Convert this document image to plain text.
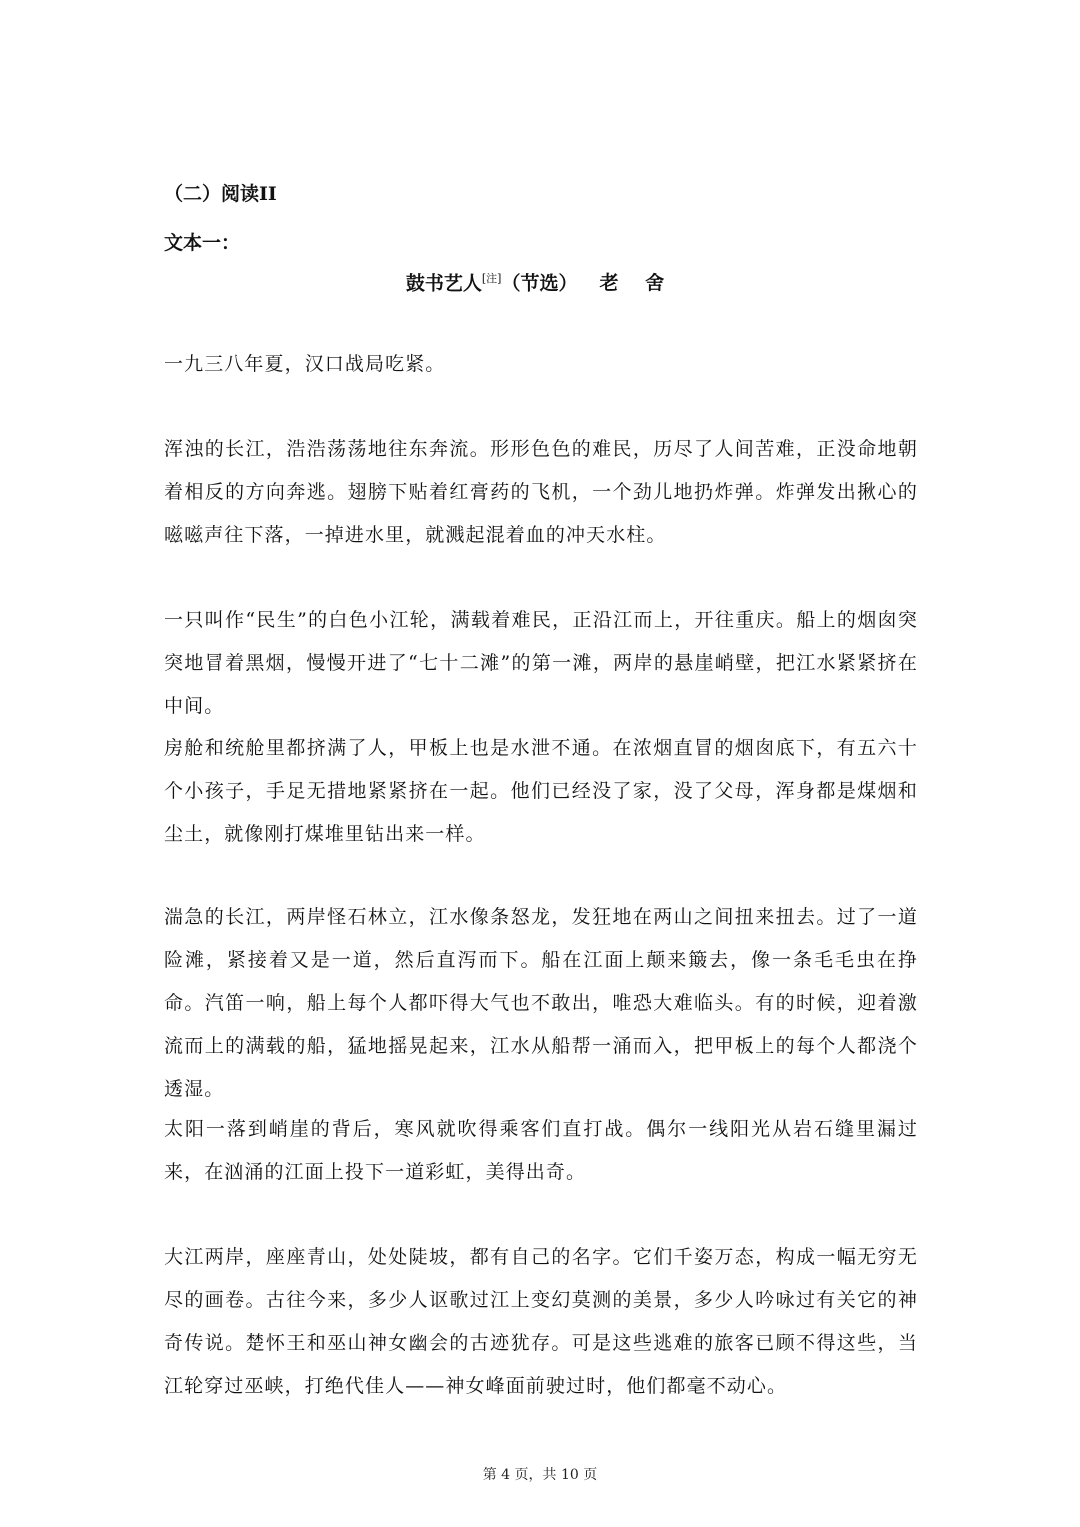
（二）阅读II
文本一：
鼓书艺人[注]（节选） 老 舍

一九三八年夏，汉口战局吃紧。

浑浊的长江，浩浩荡荡地往东奔流。形形色色的难民，历尽了人间苦难，正没命地朝着相反的方向奔逃。翅膀下贴着红膏药的飞机，一个劲儿地扔炸弹。炸弹发出揪心的嗞嗞声往下落，一掉进水里，就溅起混着血的冲天水柱。

一只叫作“民生”的白色小江轮，满载着难民，正沿江而上，开往重庆。船上的烟囱突突地冒着黑烟，慢慢开进了“七十二滩”的第一滩，两岸的悬崖峭壁，把江水紧紧挤在中间。

房舱和统舱里都挤满了人，甲板上也是水泄不通。在浓烟直冒的烟囱底下，有五六十个小孩子，手足无措地紧紧挤在一起。他们已经没了家，没了父母，浑身都是煤烟和尘土，就像刚打煤堆里钻出来一样。

湍急的长江，两岸怪石林立，江水像条怒龙，发狂地在两山之间扭来扭去。过了一道险滩，紧接着又是一道，然后直泻而下。船在江面上颠来簸去，像一条毛毛虫在挣命。汽笛一响，船上每个人都吓得大气也不敢出，唯恐大难临头。有的时候，迎着激流而上的满载的船，猛地摇晃起来，江水从船帮一涌而入，把甲板上的每个人都浇个透湿。

太阳一落到峭崖的背后，寒风就吹得乘客们直打战。偶尔一线阳光从岩石缝里漏过来，在汹涌的江面上投下一道彩虹，美得出奇。

大江两岸，座座青山，处处陡坡，都有自己的名字。它们千姿万态，构成一幅无穷无尽的画卷。古往今来，多少人讴歌过江上变幻莫测的美景，多少人吟咏过有关它的神奇传说。楚怀王和巫山神女幽会的古迹犹存。可是这些逃难的旅客已顾不得这些，当江轮穿过巫峡，打绝代佳人——神女峰面前驶过时，他们都毫不动心。

第 4 页，共 10 页
